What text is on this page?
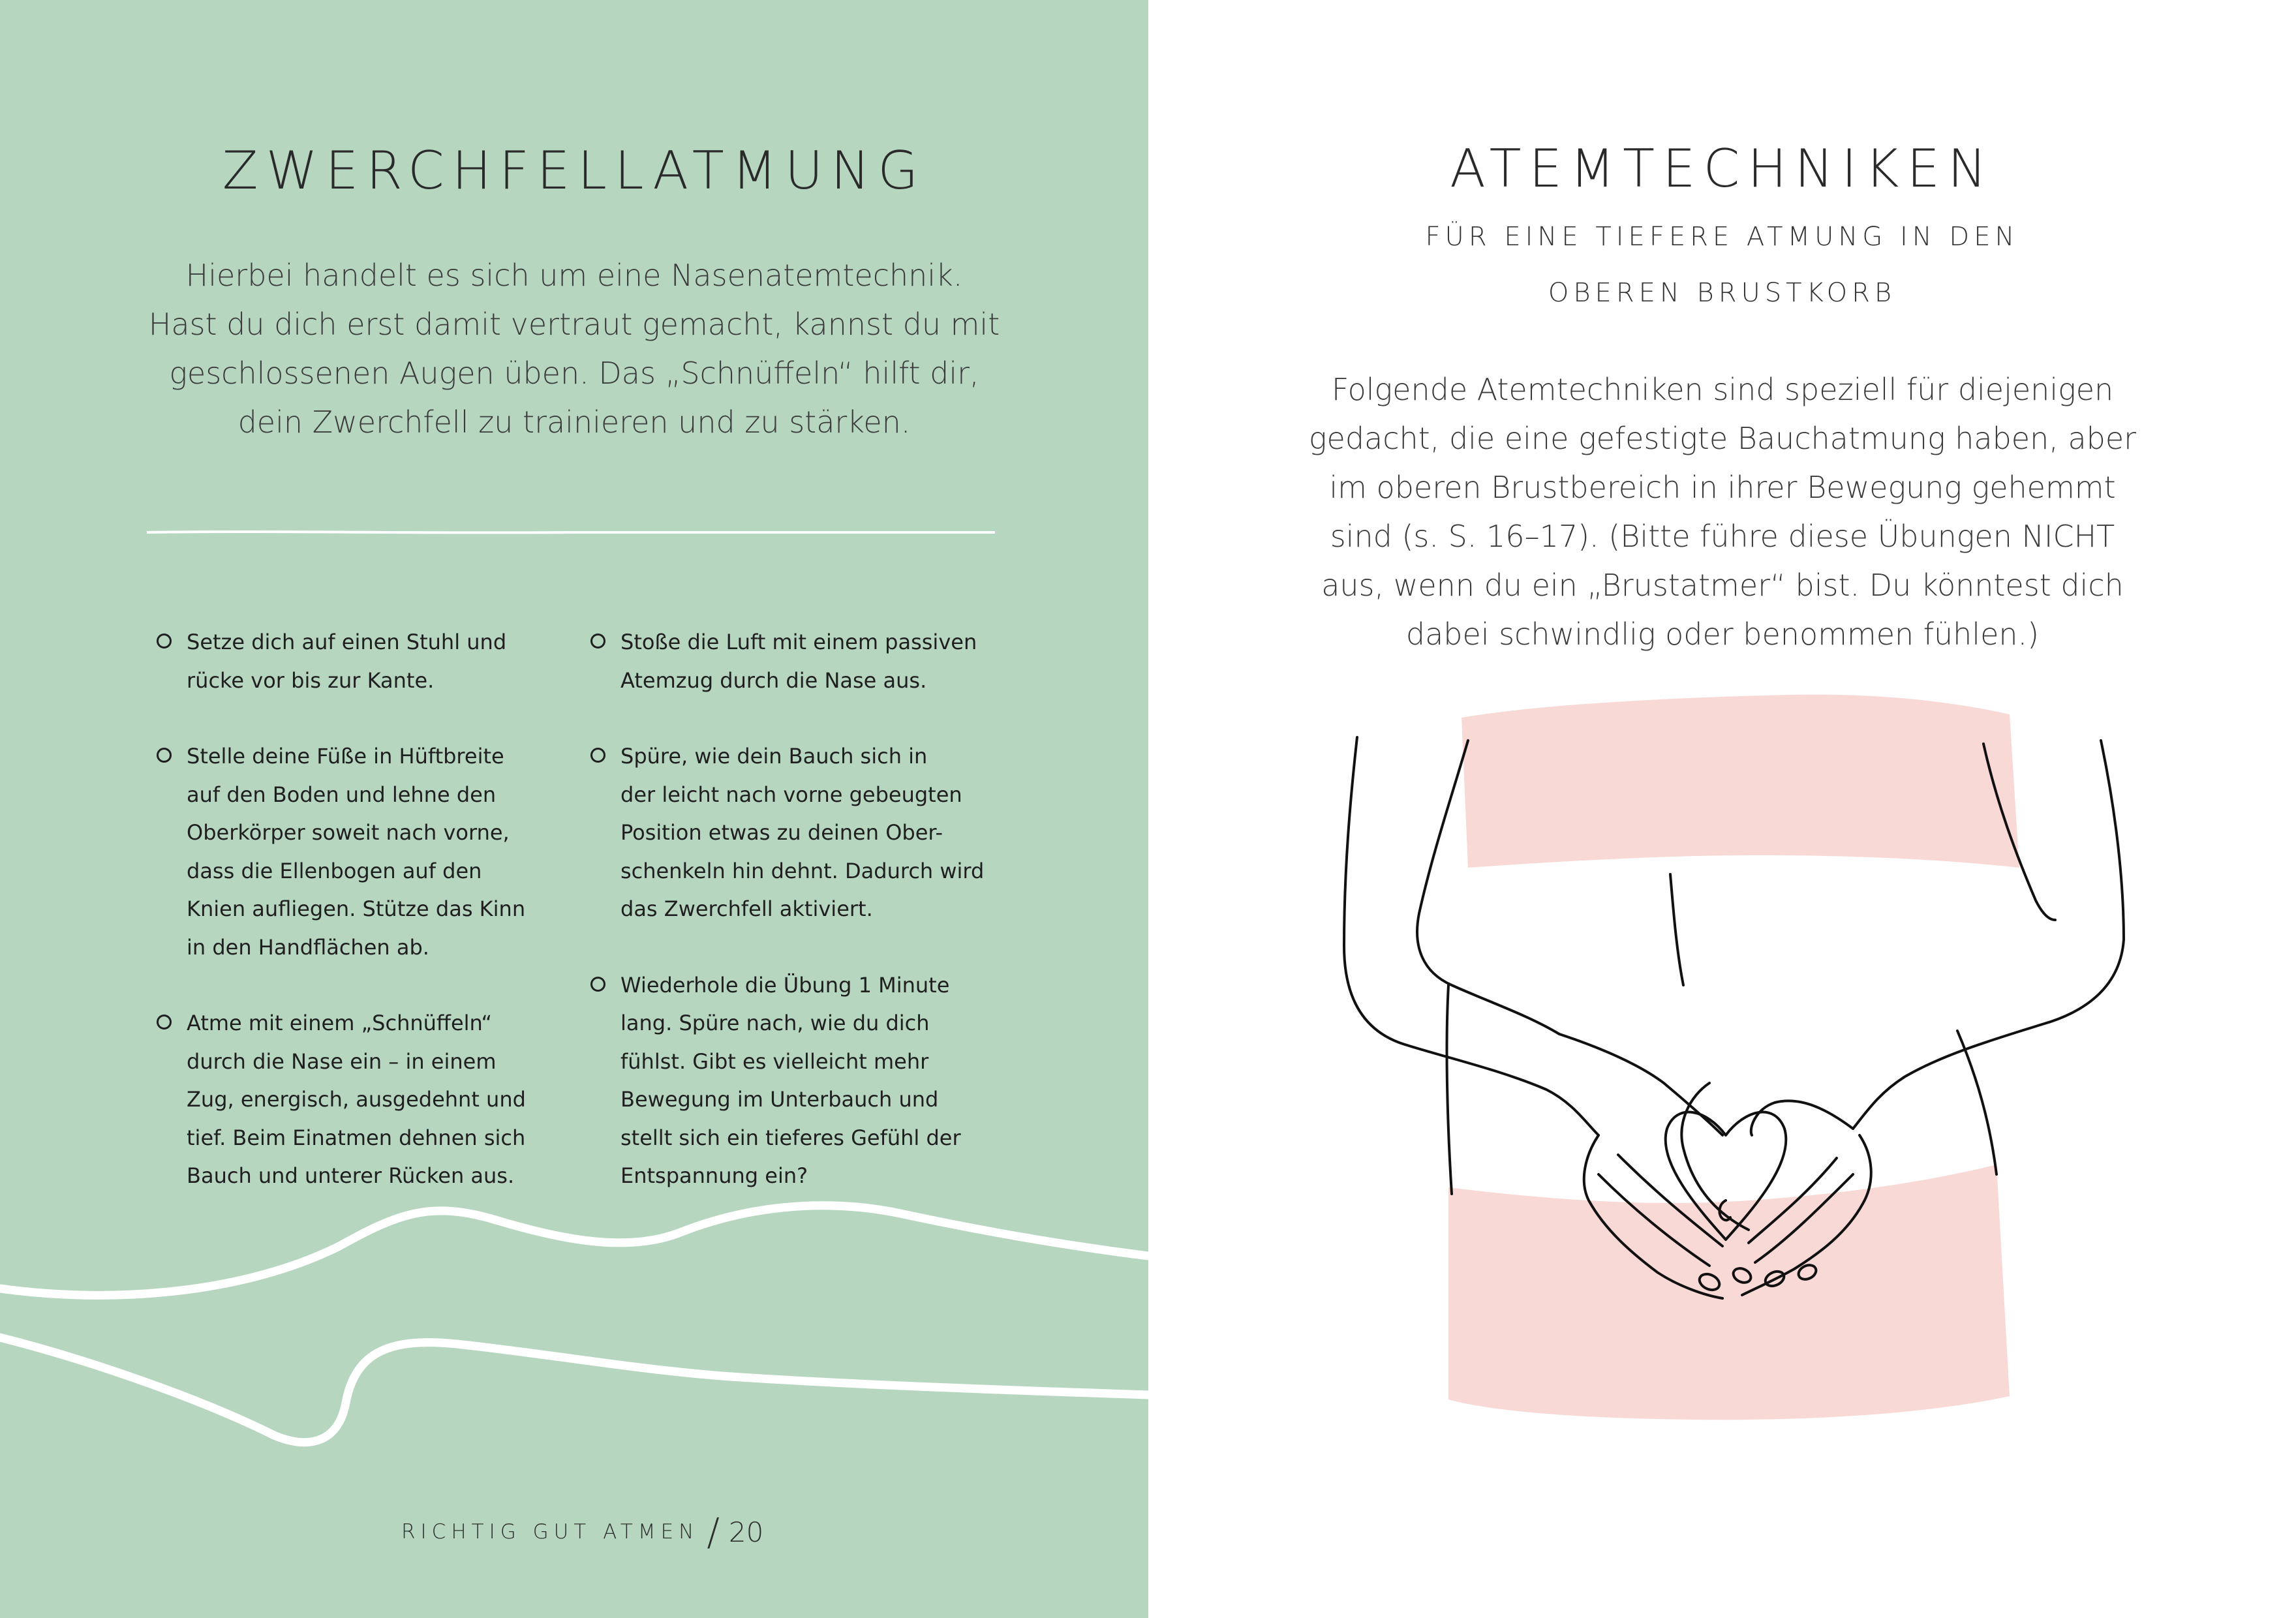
ZWERCHFELLATMUNG

Hierbei handelt es sich um eine Nasenatemtechnik.
Hast du dich erst damit vertraut gemacht, kannst du mit
geschlossenen Augen üben. Das „Schnüffeln“ hilft dir,
dein Zwerchfell zu trainieren und zu stärken.

Setze dich auf einen Stuhl und
rücke vor bis zur Kante.
Stelle deine Füße in Hüftbreite
auf den Boden und lehne den
Oberkörper soweit nach vorne,
dass die Ellenbogen auf den
Knien aufliegen. Stütze das Kinn
in den Handflächen ab.
Atme mit einem „Schnüffeln“
durch die Nase ein – in einem
Zug, energisch, ausgedehnt und
tief. Beim Einatmen dehnen sich
Bauch und unterer Rücken aus.
Stoße die Luft mit einem passiven
Atemzug durch die Nase aus.
Spüre, wie dein Bauch sich in
der leicht nach vorne gebeugten
Position etwas zu deinen Ober-
schenkeln hin dehnt. Dadurch wird
das Zwerchfell aktiviert.
Wiederhole die Übung 1 Minute
lang. Spüre nach, wie du dich
fühlst. Gibt es vielleicht mehr
Bewegung im Unterbauch und
stellt sich ein tieferes Gefühl der
Entspannung ein?
RICHTIG GUT ATMEN / 20
ATEMTECHNIKEN

FÜR EINE TIEFERE ATMUNG IN DEN
OBEREN BRUSTKORB

Folgende Atemtechniken sind speziell für diejenigen
gedacht, die eine gefestigte Bauchatmung haben, aber
im oberen Brustbereich in ihrer Bewegung gehemmt
sind (s. S. 16–17). (Bitte führe diese Übungen NICHT
aus, wenn du ein „Brustatmer“ bist. Du könntest dich
dabei schwindlig oder benommen fühlen.)
